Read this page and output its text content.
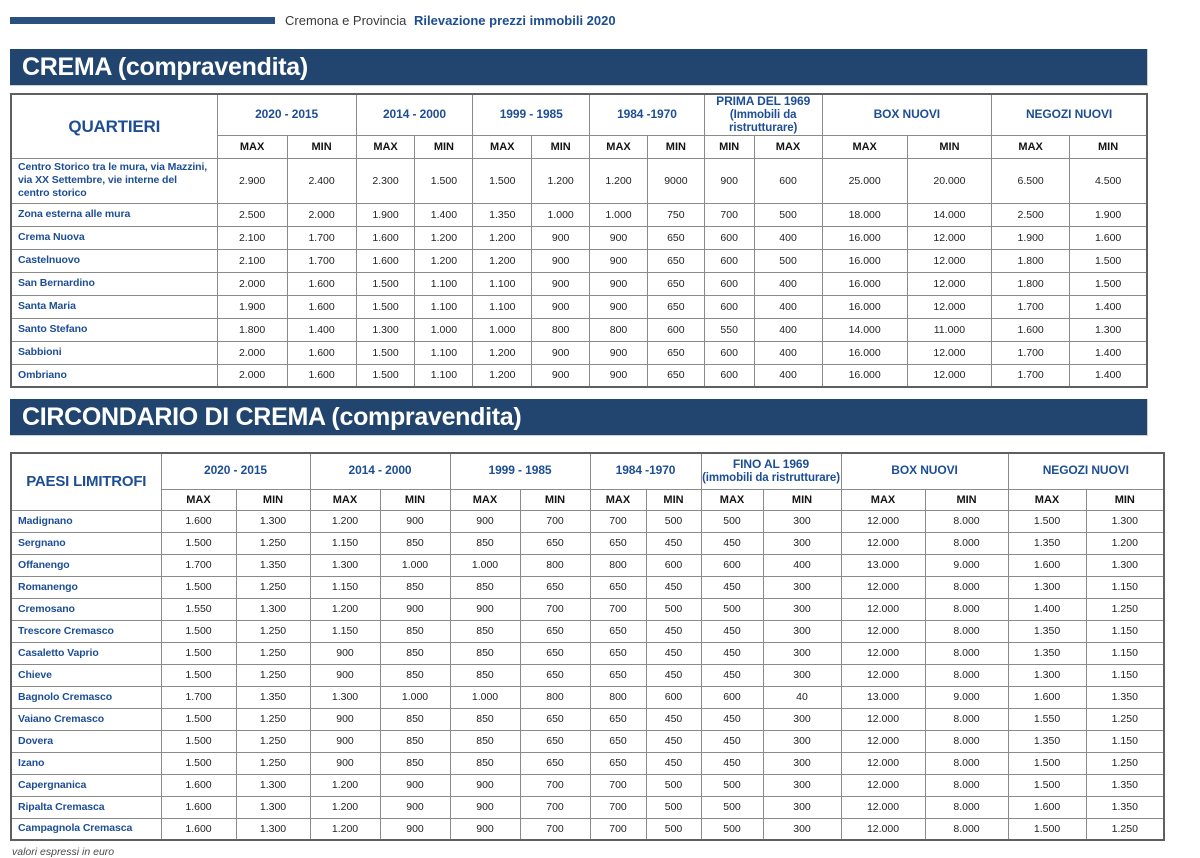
Cremona e Provincia Rilevazione prezzi immobili 2020
CREMA (compravendita)
QUARTIERI	2020 - 2015		2014 - 2000		1999 - 1985		1984 -1970		PRIMA DEL 1969
(Immobili da ristrutturare)		BOX NUOVI		NEGOZI NUOVI	
	MAX	MIN	MAX	MIN	MAX	MIN	MAX	MIN	MIN	MAX	MAX	MIN	MAX	MIN
Centro Storico tra le mura, via Mazzini, via XX Settembre, vie interne del centro storico	2.900	2.400	2.300	1.500	1.500	1.200	1.200	9000	900	600	25.000	20.000	6.500	4.500
Zona esterna alle mura	2.500	2.000	1.900	1.400	1.350	1.000	1.000	750	700	500	18.000	14.000	2.500	1.900
Crema Nuova	2.100	1.700	1.600	1.200	1.200	900	900	650	600	400	16.000	12.000	1.900	1.600
Castelnuovo	2.100	1.700	1.600	1.200	1.200	900	900	650	600	500	16.000	12.000	1.800	1.500
San Bernardino	2.000	1.600	1.500	1.100	1.100	900	900	650	600	400	16.000	12.000	1.800	1.500
Santa Maria	1.900	1.600	1.500	1.100	1.100	900	900	650	600	400	16.000	12.000	1.700	1.400
Santo Stefano	1.800	1.400	1.300	1.000	1.000	800	800	600	550	400	14.000	11.000	1.600	1.300
Sabbioni	2.000	1.600	1.500	1.100	1.200	900	900	650	600	400	16.000	12.000	1.700	1.400
Ombriano	2.000	1.600	1.500	1.100	1.200	900	900	650	600	400	16.000	12.000	1.700	1.400
CIRCONDARIO DI CREMA (compravendita)
PAESI LIMITROFI	2020 - 2015		2014 - 2000		1999 - 1985		1984 -1970		FINO AL 1969
(immobili da ristrutturare)		BOX NUOVI		NEGOZI NUOVI	
	MAX	MIN	MAX	MIN	MAX	MIN	MAX	MIN	MAX	MIN	MAX	MIN	MAX	MIN
Madignano	1.600	1.300	1.200	900	900	700	700	500	500	300	12.000	8.000	1.500	1.300
Sergnano	1.500	1.250	1.150	850	850	650	650	450	450	300	12.000	8.000	1.350	1.200
Offanengo	1.700	1.350	1.300	1.000	1.000	800	800	600	600	400	13.000	9.000	1.600	1.300
Romanengo	1.500	1.250	1.150	850	850	650	650	450	450	300	12.000	8.000	1.300	1.150
Cremosano	1.550	1.300	1.200	900	900	700	700	500	500	300	12.000	8.000	1.400	1.250
Trescore Cremasco	1.500	1.250	1.150	850	850	650	650	450	450	300	12.000	8.000	1.350	1.150
Casaletto Vaprio	1.500	1.250	900	850	850	650	650	450	450	300	12.000	8.000	1.350	1.150
Chieve	1.500	1.250	900	850	850	650	650	450	450	300	12.000	8.000	1.300	1.150
Bagnolo Cremasco	1.700	1.350	1.300	1.000	1.000	800	800	600	600	40	13.000	9.000	1.600	1.350
Vaiano Cremasco	1.500	1.250	900	850	850	650	650	450	450	300	12.000	8.000	1.550	1.250
Dovera	1.500	1.250	900	850	850	650	650	450	450	300	12.000	8.000	1.350	1.150
Izano	1.500	1.250	900	850	850	650	650	450	450	300	12.000	8.000	1.500	1.250
Capergnanica	1.600	1.300	1.200	900	900	700	700	500	500	300	12.000	8.000	1.500	1.350
Ripalta Cremasca	1.600	1.300	1.200	900	900	700	700	500	500	300	12.000	8.000	1.600	1.350
Campagnola Cremasca	1.600	1.300	1.200	900	900	700	700	500	500	300	12.000	8.000	1.500	1.250
valori espressi in euro
